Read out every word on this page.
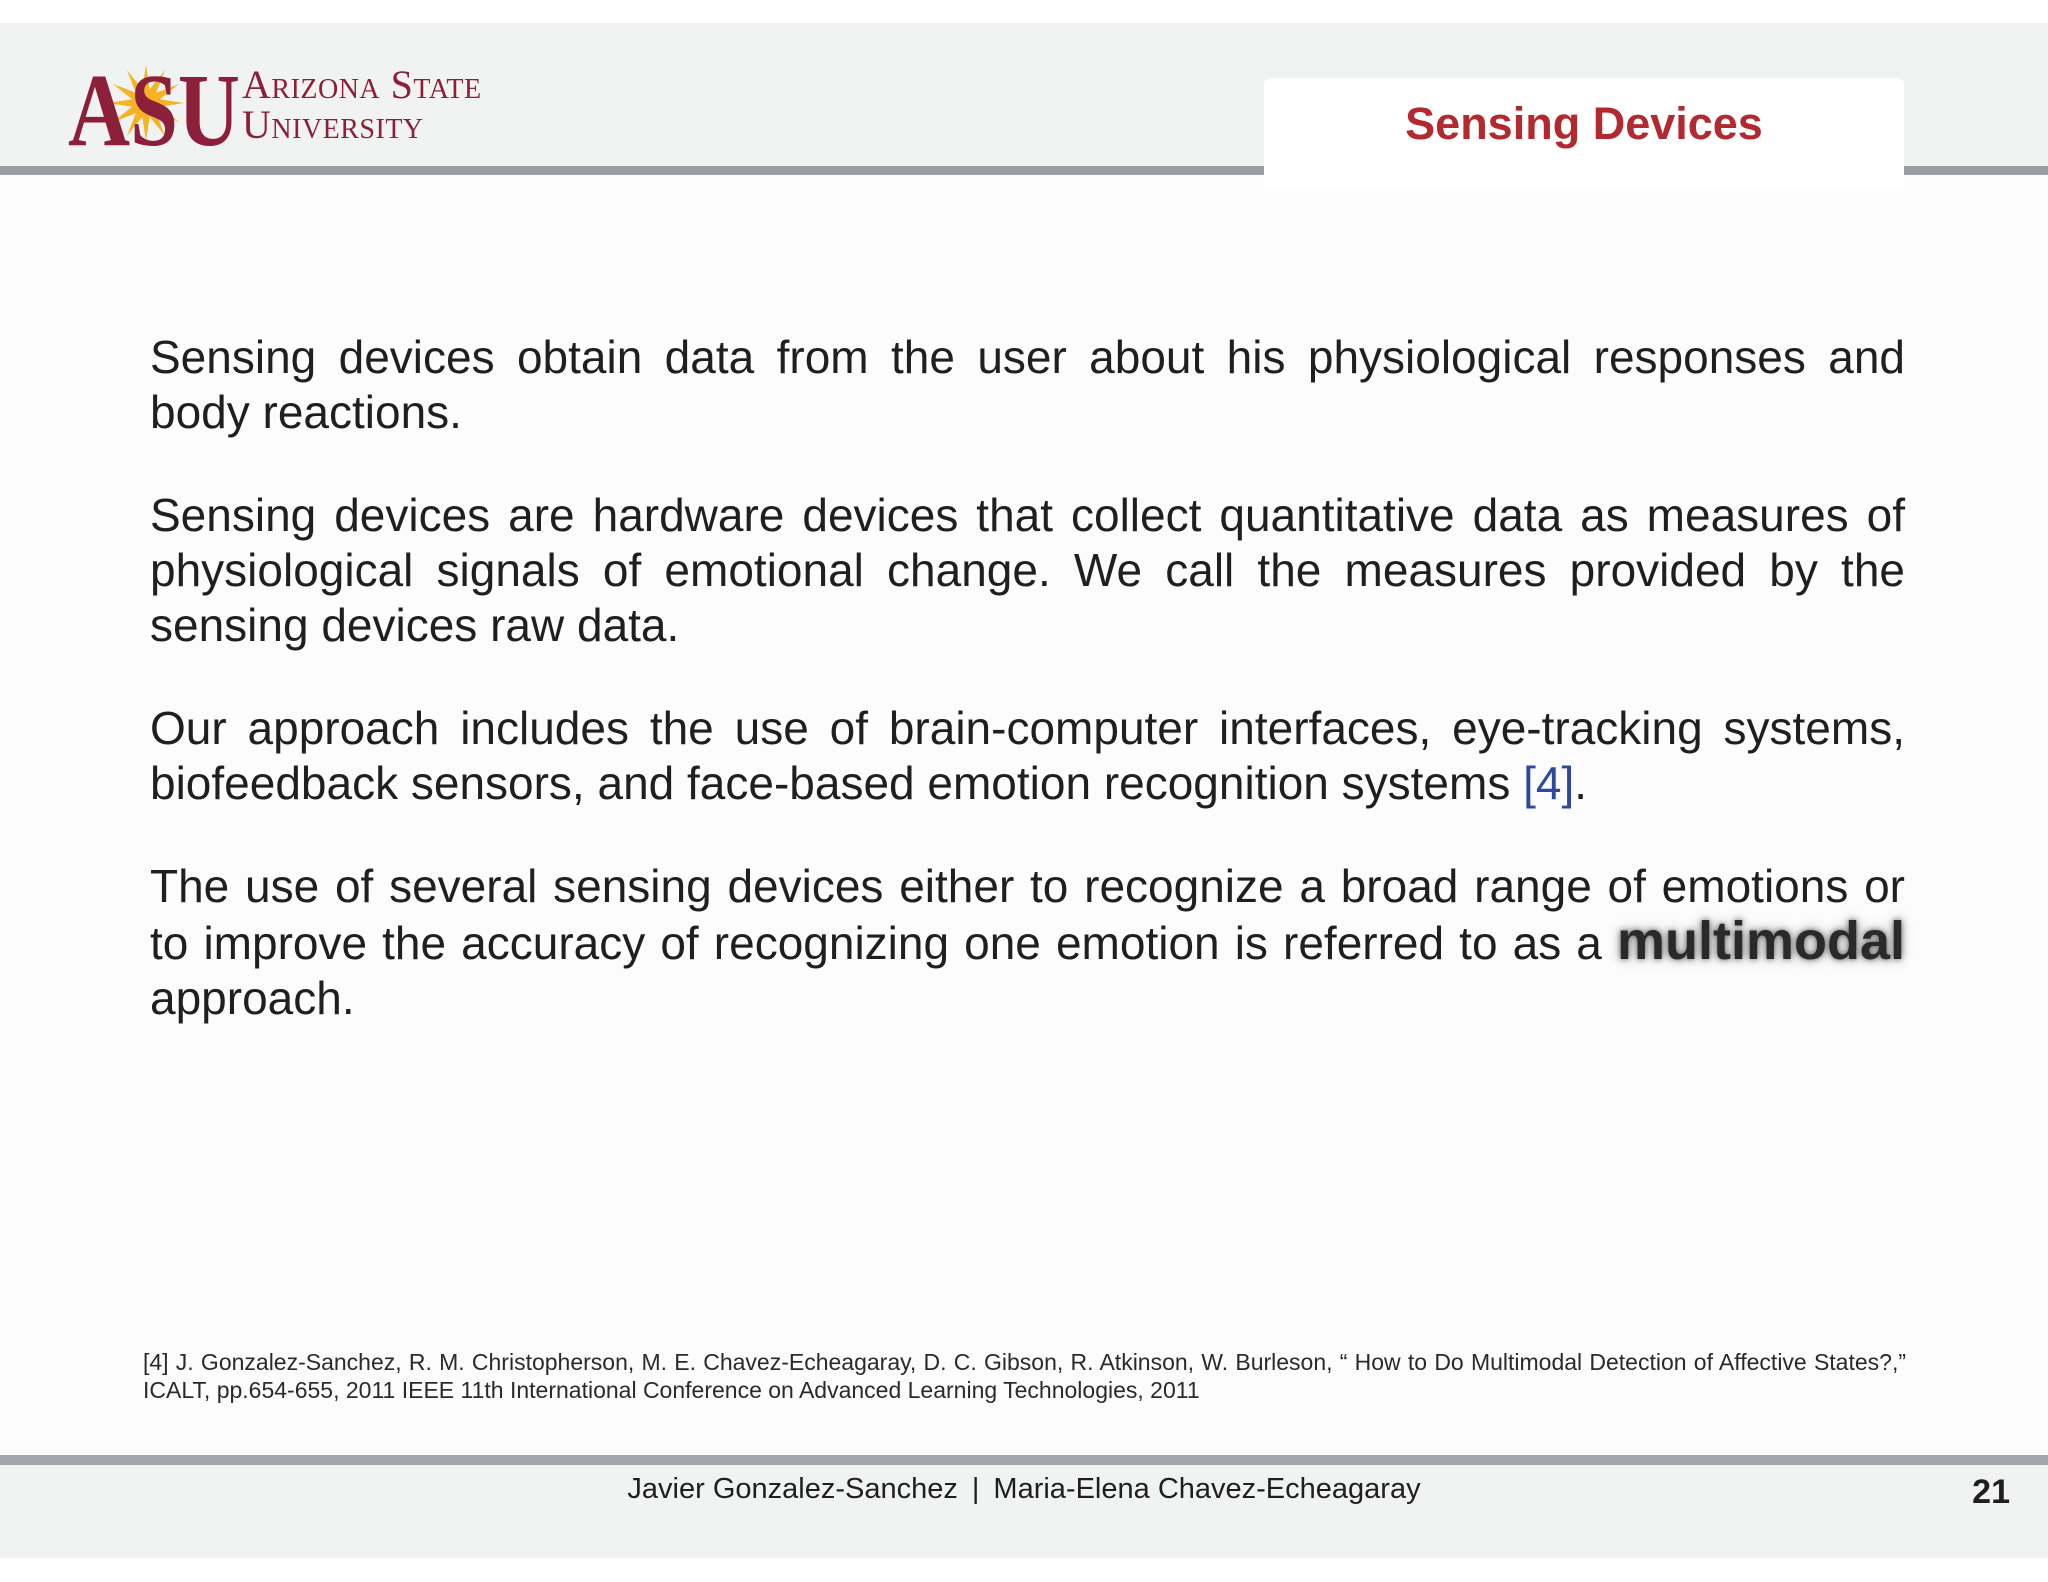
ASU Arizona State
University	Sensing Devices

Sensing devices obtain data from the user about his physiological responses and body reactions.

Sensing devices are hardware devices that collect quantitative data as measures of physiological signals of emotional change. We call the measures provided by the sensing devices raw data.

Our approach includes the use of brain-computer interfaces, eye-tracking systems, biofeedback sensors, and face-based emotion recognition systems [4].

The use of several sensing devices either to recognize a broad range of emotions or to improve the accuracy of recognizing one emotion is referred to as a multimodal approach.

[4] J. Gonzalez-Sanchez, R. M. Christopherson, M. E. Chavez-Echeagaray, D. C. Gibson, R. Atkinson, W. Burleson, “ How to Do Multimodal Detection of Affective States?,” ICALT, pp.654-655, 2011 IEEE 11th International Conference on Advanced Learning Technologies, 2011

Javier Gonzalez-Sanchez | Maria-Elena Chavez-Echeagaray	21
